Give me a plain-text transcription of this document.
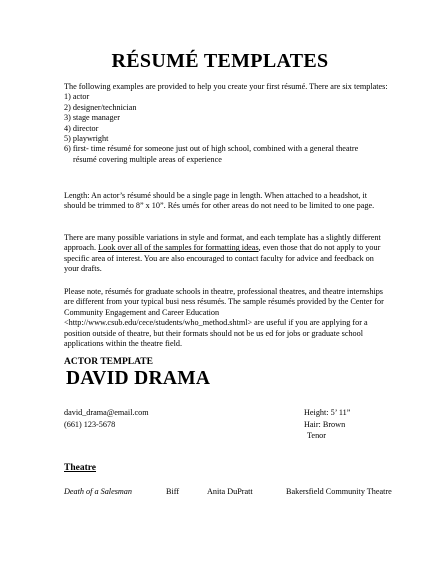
RÉSUMÉ TEMPLATES
The following examples are provided to help you create your first résumé. There are six templates:
1) actor
2) designer/technician
3) stage manager
4) director
5) playwright
6) first- time résumé for someone just out of high school, combined with a general theatre
résumé covering multiple areas of experience
Length: An actor’s résumé should be a single page in length. When attached to a headshot, it should be trimmed to 8” x 10”. Rés umés for other areas do not need to be limited to one page.
There are many possible variations in style and format, and each template has a slightly different approach. Look over all of the samples for formatting ideas, even those that do not apply to your specific area of interest. You are also encouraged to contact faculty for advice and feedback on your drafts.
Please note, résumés for graduate schools in theatre, professional theatres, and theatre internships are different from your typical busi ness résumés. The sample résumés provided by the Center for Community Engagement and Career Education <http://www.csub.edu/cece/students/who_method.shtml> are useful if you are applying for a position outside of theatre, but their formats should not be us ed for jobs or graduate school applications within the theatre field.
ACTOR TEMPLATE
DAVID DRAMA
david_drama@email.com
(661) 123-5678
Height: 5’ 11”
Hair: Brown
Tenor
Theatre
Death of a Salesman	Biff	Anita DuPratt	Bakersfield Community Theatre
